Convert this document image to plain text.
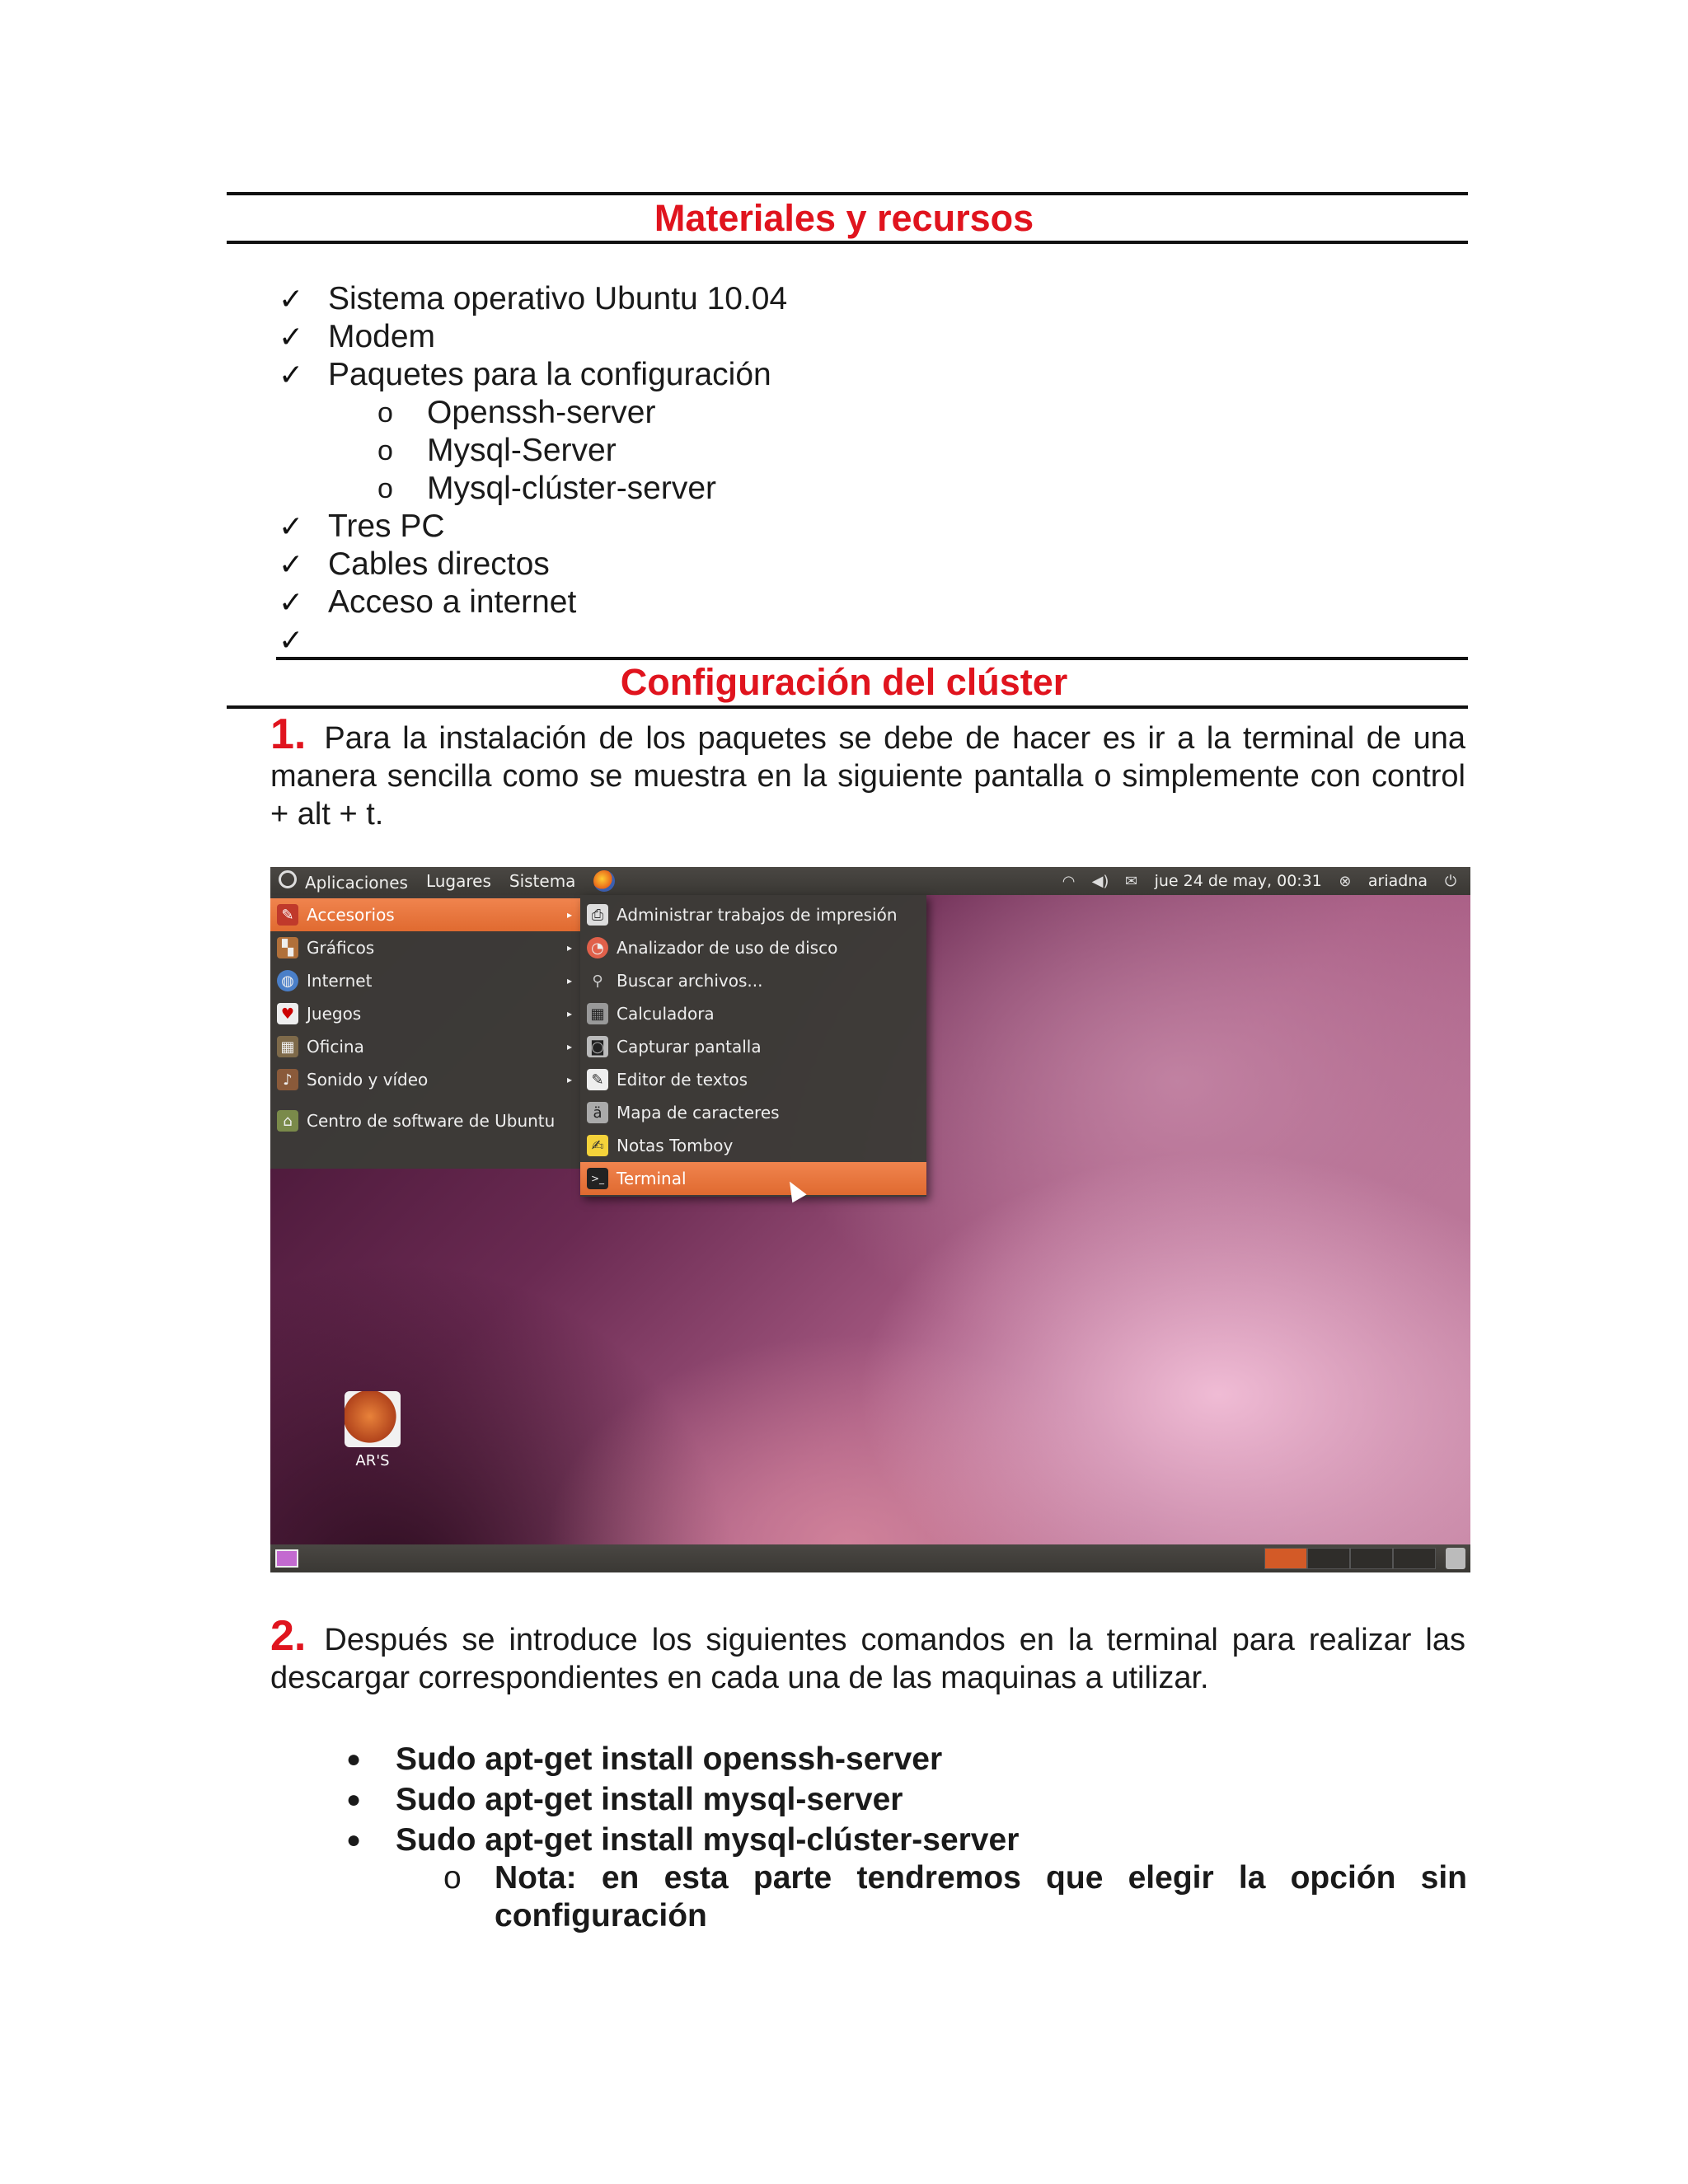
Materiales y recursos
✓ Sistema operativo Ubuntu 10.04
✓ Modem
✓ Paquetes para la configuración
o	Openssh-server
o	Mysql-Server
o	Mysql-clúster-server
✓ Tres PC
✓ Cables directos
✓ Acceso a internet
✓
Configuración del clúster

1. Para la instalación de los paquetes se debe de hacer es ir a la terminal de una manera sencilla como se muestra en la siguiente pantalla o simplemente con control + alt + t.

Aplicaciones Lugares Sistema	◠ ◀) ✉ jue 24 de may, 00:31 ⊗ ariadna ⏻
✎ Accesorios	▸
▚ Gráficos	▸
◍ Internet	▸
♥ Juegos	▸
▦ Oficina	▸
♪ Sonido y vídeo	▸
⌂ Centro de software de Ubuntu
⎙ Administrar trabajos de impresión
◔ Analizador de uso de disco
⚲ Buscar archivos...
▦ Calculadora
◙ Capturar pantalla
✎ Editor de textos
ä Mapa de caracteres
✍ Notas Tomboy
>_ Terminal
AR'S

2. Después se introduce los siguientes comandos en la terminal para realizar las descargar correspondientes en cada una de las maquinas a utilizar.

●	Sudo apt-get install openssh-server
●	Sudo apt-get install mysql-server
●	Sudo apt-get install mysql-clúster-server
o	Nota: en esta parte tendremos que elegir la opción sin configuración
